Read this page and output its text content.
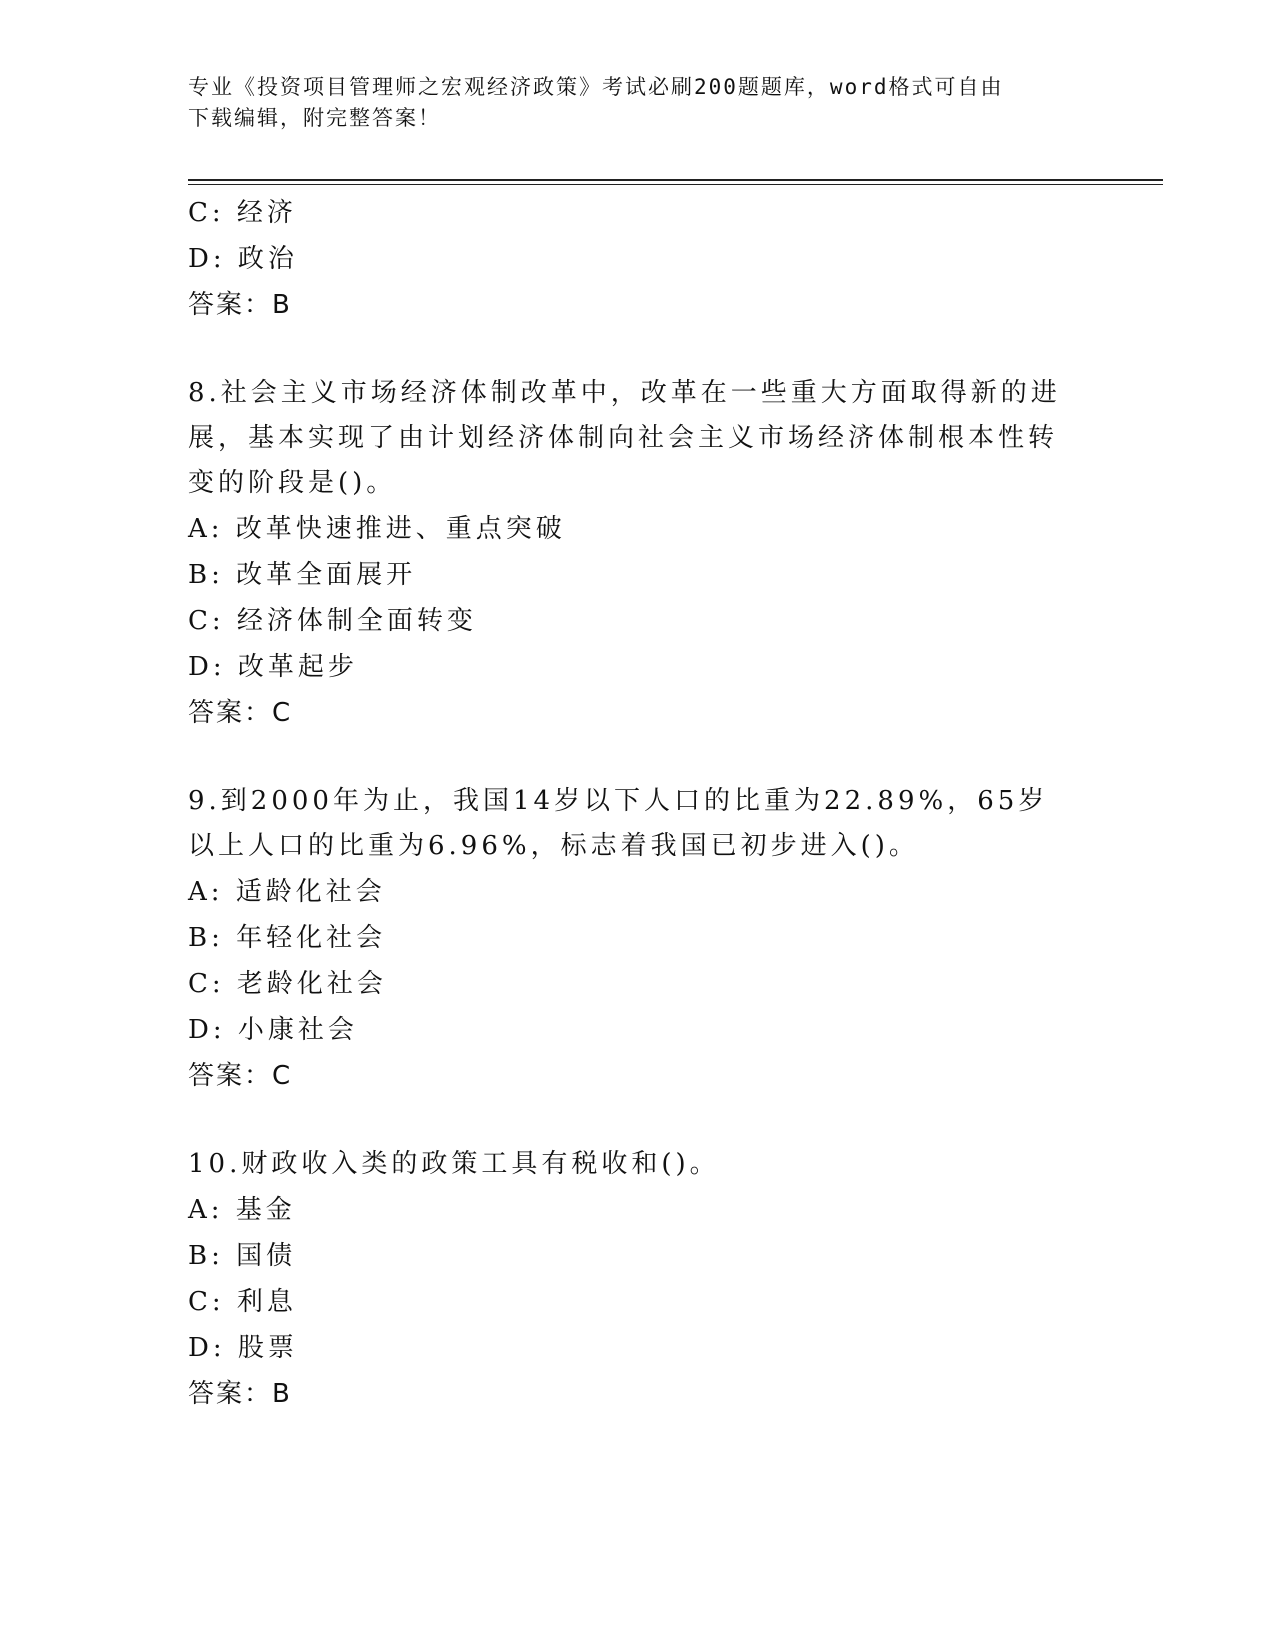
专业《投资项目管理师之宏观经济政策》考试必刷200题题库，word格式可自由
下载编辑，附完整答案！
C: 经济
D: 政治
答案：B
8.社会主义市场经济体制改革中，改革在一些重大方面取得新的进展，基本实现了由计划经济体制向社会主义市场经济体制根本性转变的阶段是()。
A: 改革快速推进、重点突破
B: 改革全面展开
C: 经济体制全面转变
D: 改革起步
答案：C
9.到2000年为止，我国14岁以下人口的比重为22.89%，65岁以上人口的比重为6.96%，标志着我国已初步进入()。
A: 适龄化社会
B: 年轻化社会
C: 老龄化社会
D: 小康社会
答案：C
10.财政收入类的政策工具有税收和()。
A: 基金
B: 国债
C: 利息
D: 股票
答案：B
